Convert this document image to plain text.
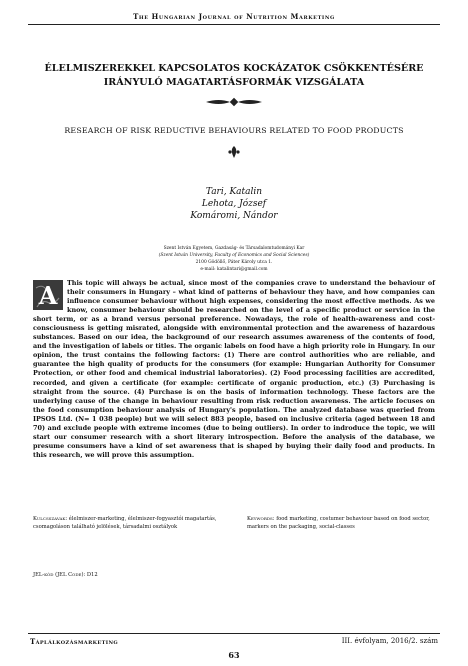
The Hungarian Journal of Nutrition Marketing
ÉLELMISZEREKKEL KAPCSOLATOS KOCKÁZATOK CSÖKKENTÉSÉRE
IRÁNYULÓ MAGATARTÁSFORMÁK VIZSGÁLATA
RESEARCH OF RISK REDUCTIVE BEHAVIOURS RELATED TO FOOD PRODUCTS
Tari, Katalin
Lehota, József
Komáromi, Nándor
Szent István Egyetem, Gazdaság- és Társadalomtudományi Kar
(Szent István University, Faculty of Economics and Social Sciences)
2100 Gödöllő, Páter Károly utca 1.
e-mail: katalintari@gmail.com
A This topic will always be actual, since most of the companies crave to understand the behaviour of their consumers in Hungary – what kind of patterns of behaviour they have, and how companies can influence consumer behaviour without high expenses, considering the most effective methods. As we know, consumer behaviour should be researched on the level of a specific product or service in the short term, or as a brand versus personal preference. Nowadays, the role of health-awareness and cost-consciousness is getting misrated, alongside with environmental protection and the awareness of hazardous substances. Based on our idea, the background of our research assumes awareness of the contents of food, and the investigation of labels or titles. The organic labels on food have a high priority role in Hungary. In our opinion, the trust contains the following factors: (1) There are control authorities who are reliable, and guarantee the high quality of products for the consumers (for example: Hungarian Authority for Consumer Protection, or other food and chemical industrial laboratories). (2) Food processing facilities are accredited, recorded, and given a certificate (for example: certificate of organic production, etc.) (3) Purchasing is straight from the source. (4) Purchase is on the basis of information technology. These factors are the underlying cause of the change in behaviour resulting from risk reduction awareness. The article focuses on the food consumption behaviour analysis of Hungary's population. The analyzed database was queried from IPSOS Ltd. (N= 1 038 people) but we will select 883 people, based on inclusive criteria (aged between 18 and 70) and exclude people with extreme incomes (due to being outliers). In order to indroduce the topic, we will start our consumer research with a short literary introspection. Before the analysis of the database, we presume consumers have a kind of set awareness that is shaped by buying their daily food and products. In this research, we will prove this assumption.
Kulcsszavak: élelmiszer-marketing, élelmiszer-fogyasztói magatartás, csomagoláson található jelölések, társadalmi osztályok
Keywords: food marketing, costumer behaviour based on food sector, markers on the packaging, social-classes
JEL-kód (JEL Code): D12
Táplálkozásmarketing	III. évfolyam, 2016/2. szám
63
